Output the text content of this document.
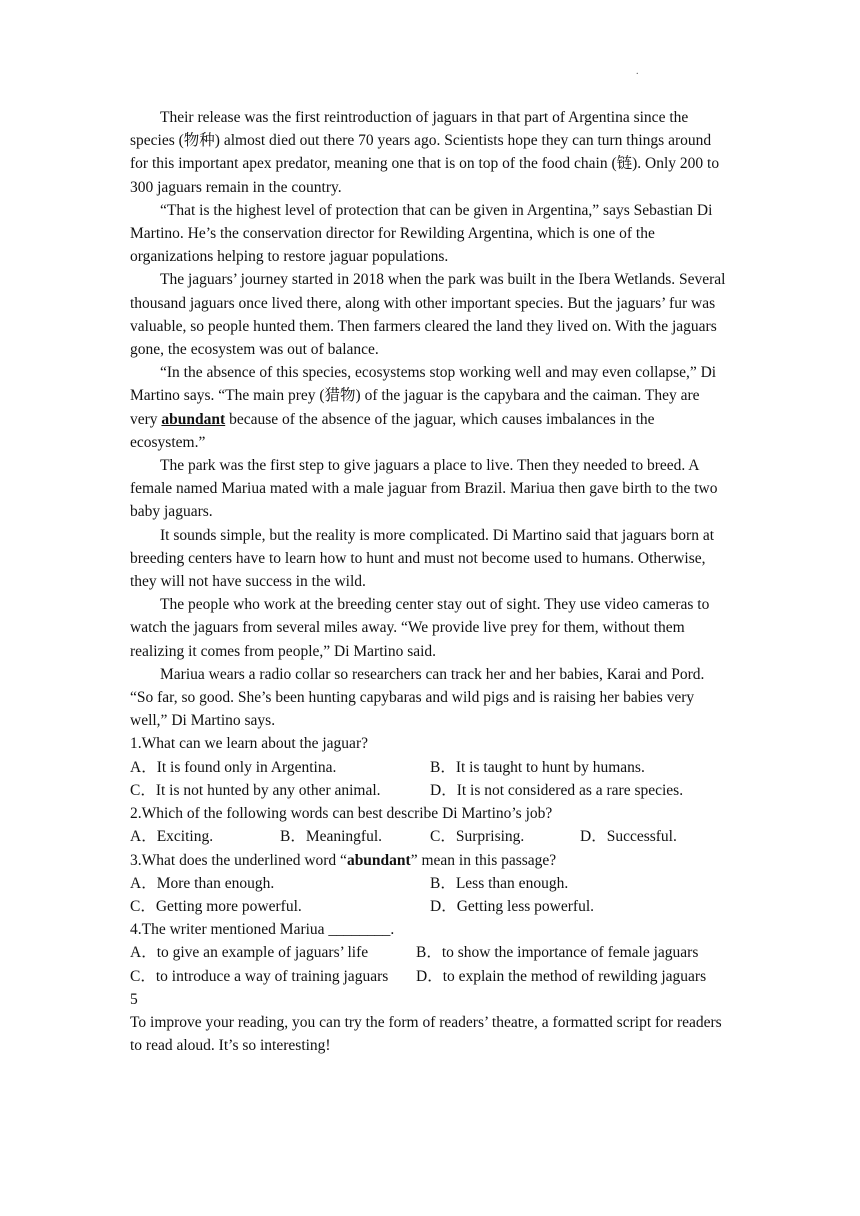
.

Their release was the first reintroduction of jaguars in that part of Argentina since the species (物种) almost died out there 70 years ago. Scientists hope they can turn things around for this important apex predator, meaning one that is on top of the food chain (链). Only 200 to 300 jaguars remain in the country.

“That is the highest level of protection that can be given in Argentina,” says Sebastian Di Martino. He’s the conservation director for Rewilding Argentina, which is one of the organizations helping to restore jaguar populations.

The jaguars’ journey started in 2018 when the park was built in the Ibera Wetlands. Several thousand jaguars once lived there, along with other important species. But the jaguars’ fur was valuable, so people hunted them. Then farmers cleared the land they lived on. With the jaguars gone, the ecosystem was out of balance.

“In the absence of this species, ecosystems stop working well and may even collapse,” Di Martino says. “The main prey (猎物) of the jaguar is the capybara and the caiman. They are very abundant because of the absence of the jaguar, which causes imbalances in the ecosystem.”

The park was the first step to give jaguars a place to live. Then they needed to breed. A female named Mariua mated with a male jaguar from Brazil. Mariua then gave birth to the two baby jaguars.

It sounds simple, but the reality is more complicated. Di Martino said that jaguars born at breeding centers have to learn how to hunt and must not become used to humans. Otherwise, they will not have success in the wild.

The people who work at the breeding center stay out of sight. They use video cameras to watch the jaguars from several miles away. “We provide live prey for them, without them realizing it comes from people,” Di Martino said.

Mariua wears a radio collar so researchers can track her and her babies, Karai and Pord. “So far, so good. She’s been hunting capybaras and wild pigs and is raising her babies very well,” Di Martino says.

1.What can we learn about the jaguar?

A．It is found only in Argentina.	B．It is taught to hunt by humans.
C．It is not hunted by any other animal.	D．It is not considered as a rare species.

2.Which of the following words can best describe Di Martino’s job?

A．Exciting.	B．Meaningful.	C．Surprising.	D．Successful.

3.What does the underlined word “abundant” mean in this passage?

A．More than enough.	B．Less than enough.
C．Getting more powerful.	D．Getting less powerful.

4.The writer mentioned Mariua ________.

A．to give an example of jaguars’ life	B．to show the importance of female jaguars
C．to introduce a way of training jaguars	D．to explain the method of rewilding jaguars

5

To improve your reading, you can try the form of readers’ theatre, a formatted script for readers to read aloud. It’s so interesting!
